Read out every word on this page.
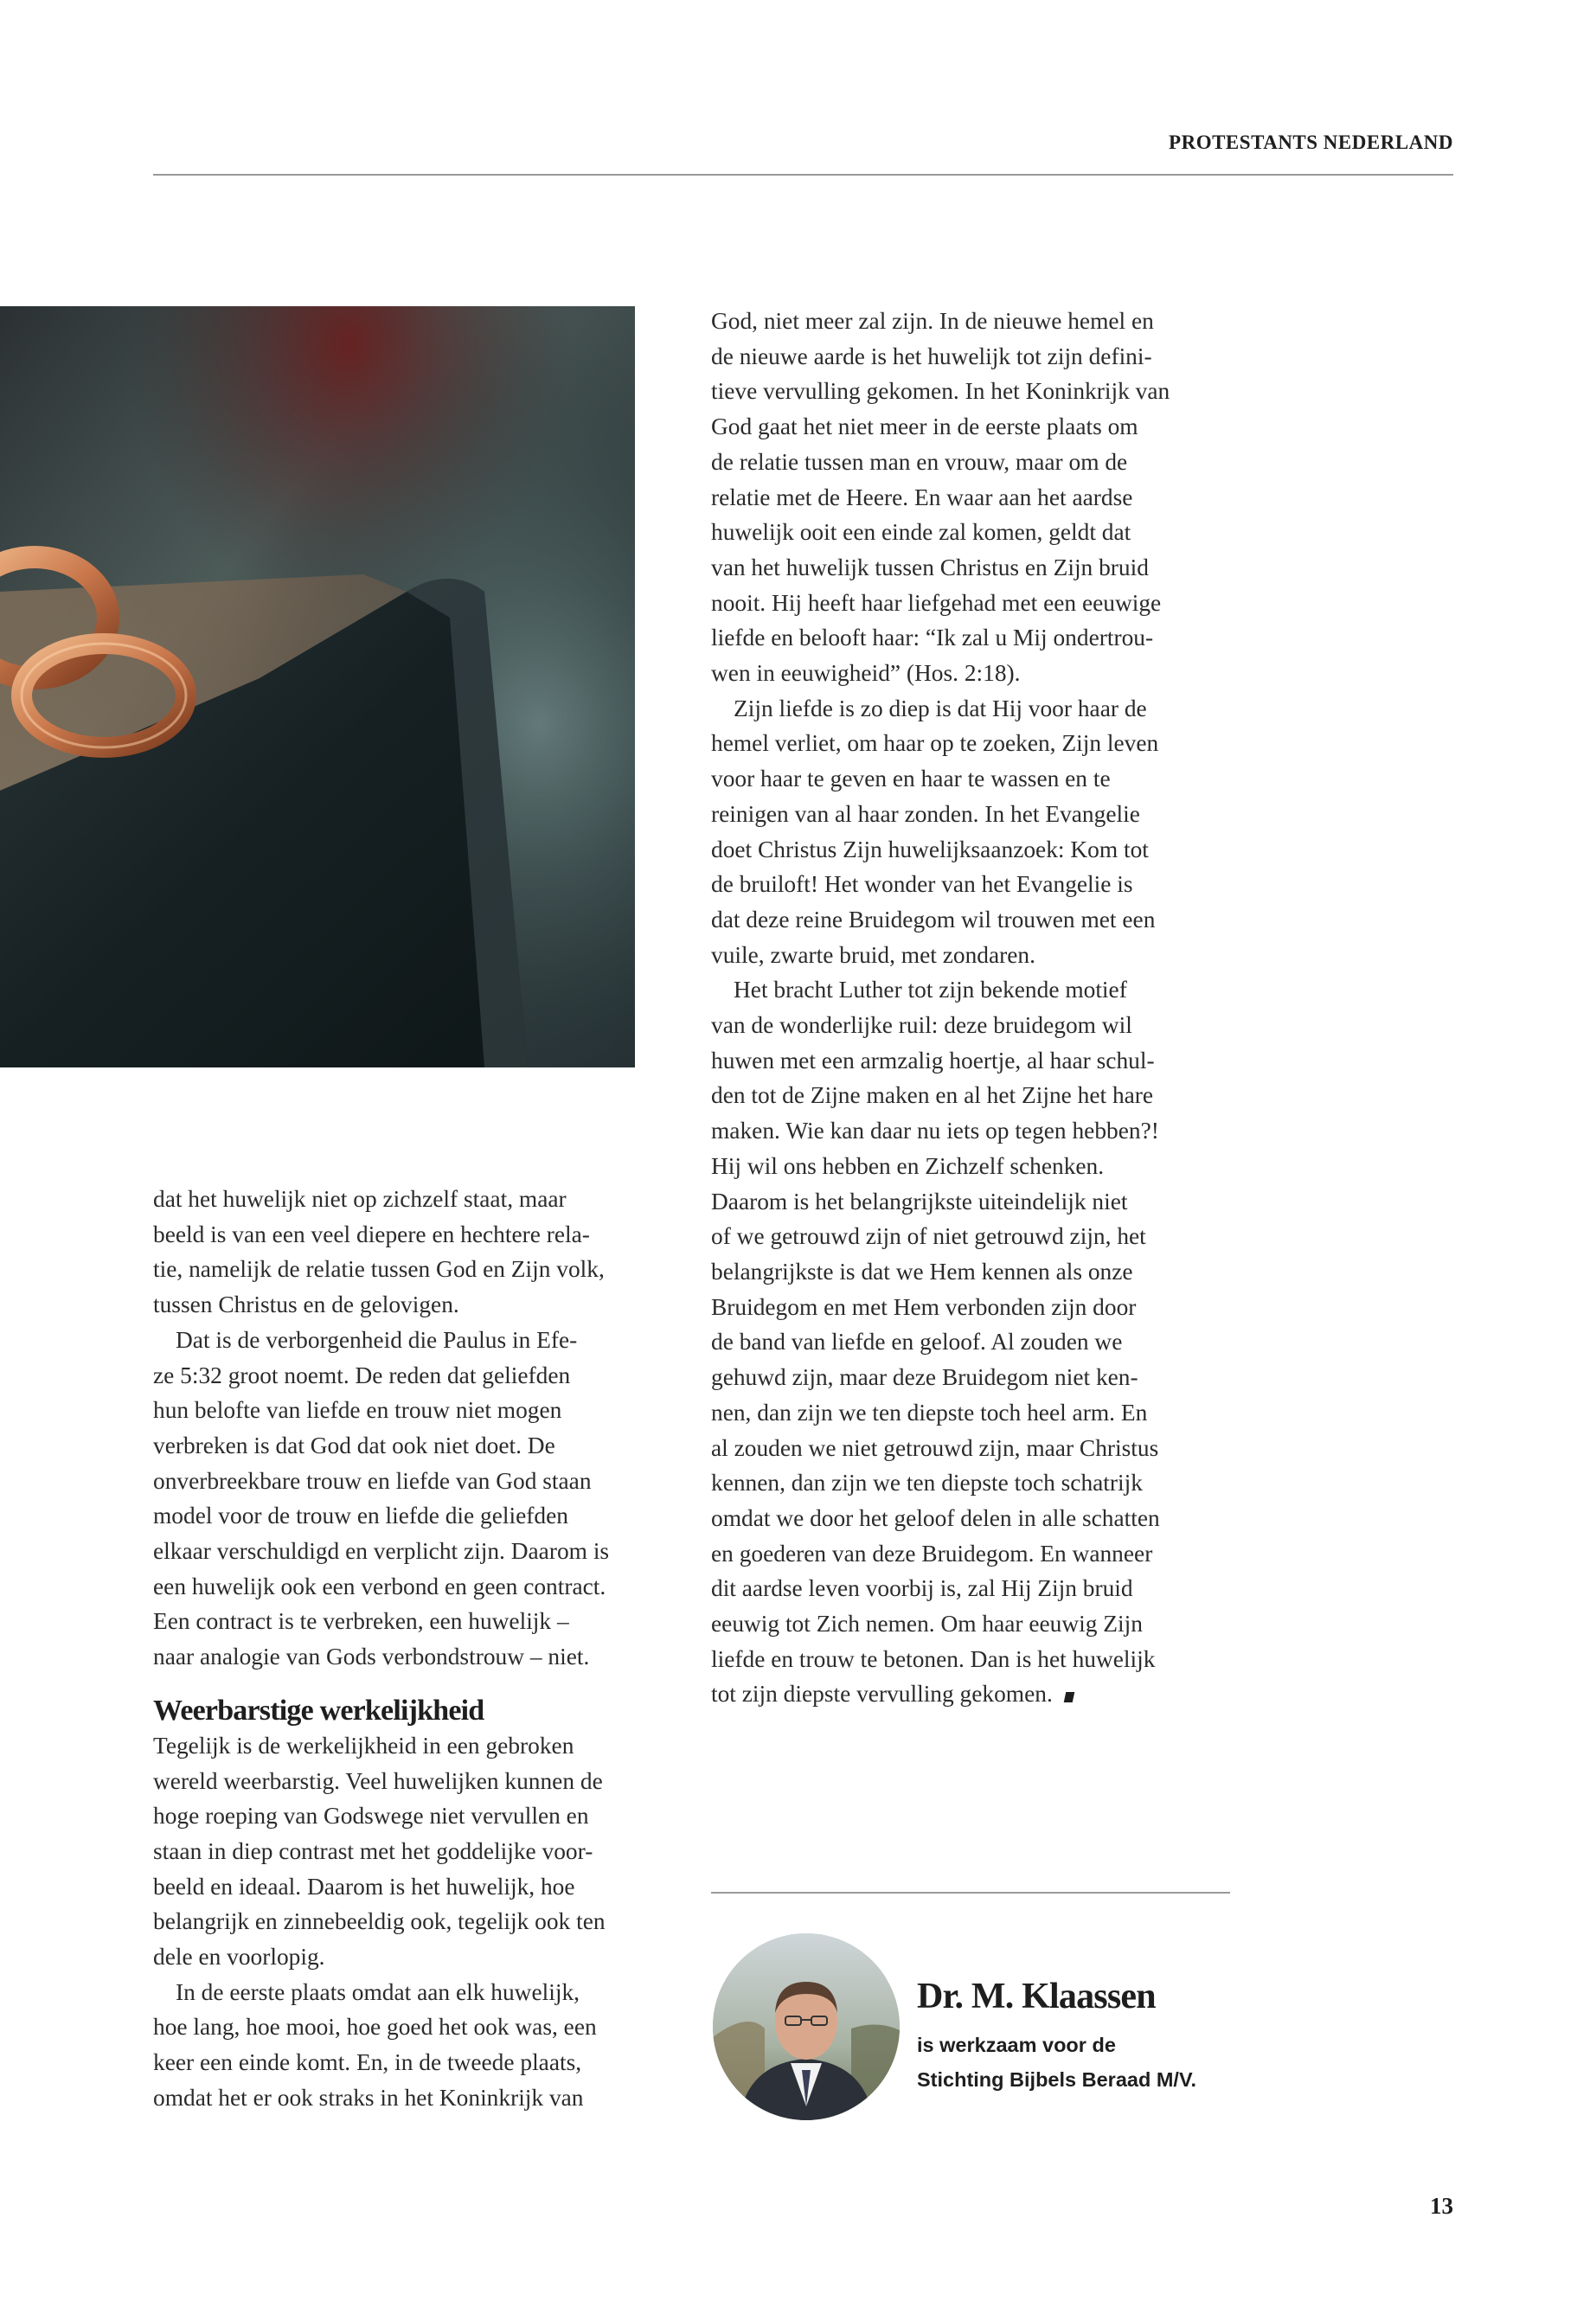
PROTESTANTS NEDERLAND

dat het huwelijk niet op zichzelf staat, maar

beeld is van een veel diepere en hechtere rela-

tie, namelijk de relatie tussen God en Zijn volk,

tussen Christus en de gelovigen.

Dat is de verborgenheid die Paulus in Efe-

ze 5:32 groot noemt. De reden dat geliefden

hun belofte van liefde en trouw niet mogen

verbreken is dat God dat ook niet doet. De

onverbreekbare trouw en liefde van God staan

model voor de trouw en liefde die geliefden

elkaar verschuldigd en verplicht zijn. Daarom is

een huwelijk ook een verbond en geen contract.

Een contract is te verbreken, een huwelijk –

naar analogie van Gods verbondstrouw – niet.

Weerbarstige werkelijkheid

Tegelijk is de werkelijkheid in een gebroken

wereld weerbarstig. Veel huwelijken kunnen de

hoge roeping van Godswege niet vervullen en

staan in diep contrast met het goddelijke voor-

beeld en ideaal. Daarom is het huwelijk, hoe

belangrijk en zinnebeeldig ook, tegelijk ook ten

dele en voorlopig.

In de eerste plaats omdat aan elk huwelijk,

hoe lang, hoe mooi, hoe goed het ook was, een

keer een einde komt. En, in de tweede plaats,

omdat het er ook straks in het Koninkrijk van

God, niet meer zal zijn. In de nieuwe hemel en

de nieuwe aarde is het huwelijk tot zijn defini-

tieve vervulling gekomen. In het Koninkrijk van

God gaat het niet meer in de eerste plaats om

de relatie tussen man en vrouw, maar om de

relatie met de Heere. En waar aan het aardse

huwelijk ooit een einde zal komen, geldt dat

van het huwelijk tussen Christus en Zijn bruid

nooit. Hij heeft haar liefgehad met een eeuwige

liefde en belooft haar: “Ik zal u Mij ondertrou-

wen in eeuwigheid” (Hos. 2:18).

Zijn liefde is zo diep is dat Hij voor haar de

hemel verliet, om haar op te zoeken, Zijn leven

voor haar te geven en haar te wassen en te

reinigen van al haar zonden. In het Evangelie

doet Christus Zijn huwelijksaanzoek: Kom tot

de bruiloft! Het wonder van het Evangelie is

dat deze reine Bruidegom wil trouwen met een

vuile, zwarte bruid, met zondaren.

Het bracht Luther tot zijn bekende motief

van de wonderlijke ruil: deze bruidegom wil

huwen met een armzalig hoertje, al haar schul-

den tot de Zijne maken en al het Zijne het hare

maken. Wie kan daar nu iets op tegen hebben?!

Hij wil ons hebben en Zichzelf schenken.

Daarom is het belangrijkste uiteindelijk niet

of we getrouwd zijn of niet getrouwd zijn, het

belangrijkste is dat we Hem kennen als onze

Bruidegom en met Hem verbonden zijn door

de band van liefde en geloof. Al zouden we

gehuwd zijn, maar deze Bruidegom niet ken-

nen, dan zijn we ten diepste toch heel arm. En

al zouden we niet getrouwd zijn, maar Christus

kennen, dan zijn we ten diepste toch schatrijk

omdat we door het geloof delen in alle schatten

en goederen van deze Bruidegom. En wanneer

dit aardse leven voorbij is, zal Hij Zijn bruid

eeuwig tot Zich nemen. Om haar eeuwig Zijn

liefde en trouw te betonen. Dan is het huwelijk

tot zijn diepste vervulling gekomen.

Dr. M. Klaassen
is werkzaam voor de
Stichting Bijbels Beraad M/V.
13
